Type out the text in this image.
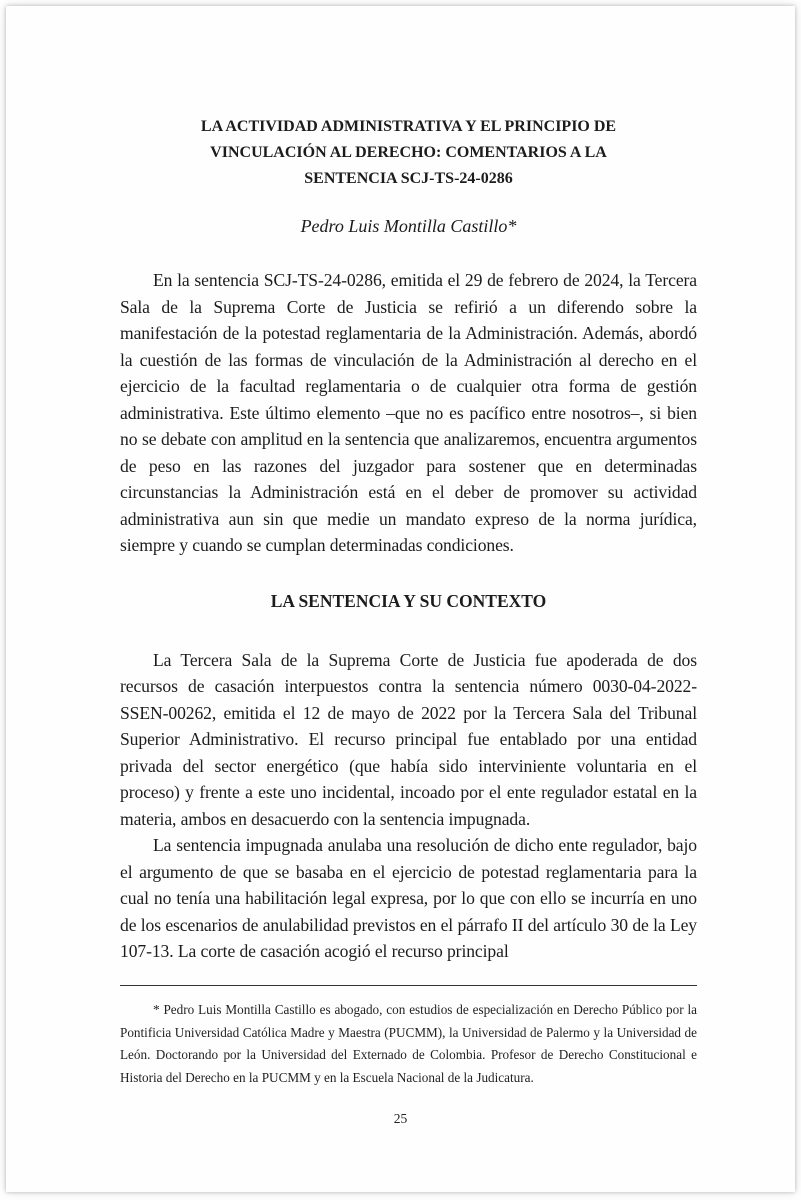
LA ACTIVIDAD ADMINISTRATIVA Y EL PRINCIPIO DE
VINCULACIÓN AL DERECHO: COMENTARIOS A LA
SENTENCIA SCJ-TS-24-0286

Pedro Luis Montilla Castillo*

En la sentencia SCJ-TS-24-0286, emitida el 29 de febrero de 2024, la Tercera Sala de la Suprema Corte de Justicia se refirió a un diferendo sobre la manifestación de la potestad reglamentaria de la Administración. Además, abordó la cuestión de las formas de vinculación de la Administración al derecho en el ejercicio de la facultad reglamentaria o de cualquier otra forma de gestión administrativa. Este último elemento –que no es pacífico entre nosotros–, si bien no se debate con amplitud en la sentencia que analizaremos, encuentra argumentos de peso en las razones del juzgador para sostener que en determinadas circunstancias la Administración está en el deber de promover su actividad administrativa aun sin que medie un mandato expreso de la norma jurídica, siempre y cuando se cumplan determinadas condiciones.

LA SENTENCIA Y SU CONTEXTO

La Tercera Sala de la Suprema Corte de Justicia fue apoderada de dos recursos de casación interpuestos contra la sentencia número 0030-04-2022-SSEN-00262, emitida el 12 de mayo de 2022 por la Tercera Sala del Tribunal Superior Administrativo. El recurso principal fue entablado por una entidad privada del sector energético (que había sido interviniente voluntaria en el proceso) y frente a este uno incidental, incoado por el ente regulador estatal en la materia, ambos en desacuerdo con la sentencia impugnada.

La sentencia impugnada anulaba una resolución de dicho ente regulador, bajo el argumento de que se basaba en el ejercicio de potestad reglamentaria para la cual no tenía una habilitación legal expresa, por lo que con ello se incurría en uno de los escenarios de anulabilidad previstos en el párrafo II del artículo 30 de la Ley 107-13. La corte de casación acogió el recurso principal

* Pedro Luis Montilla Castillo es abogado, con estudios de especialización en Derecho Público por la Pontificia Universidad Católica Madre y Maestra (PUCMM), la Universidad de Palermo y la Universidad de León. Doctorando por la Universidad del Externado de Colombia. Profesor de Derecho Constitucional e Historia del Derecho en la PUCMM y en la Escuela Nacional de la Judicatura.

25
